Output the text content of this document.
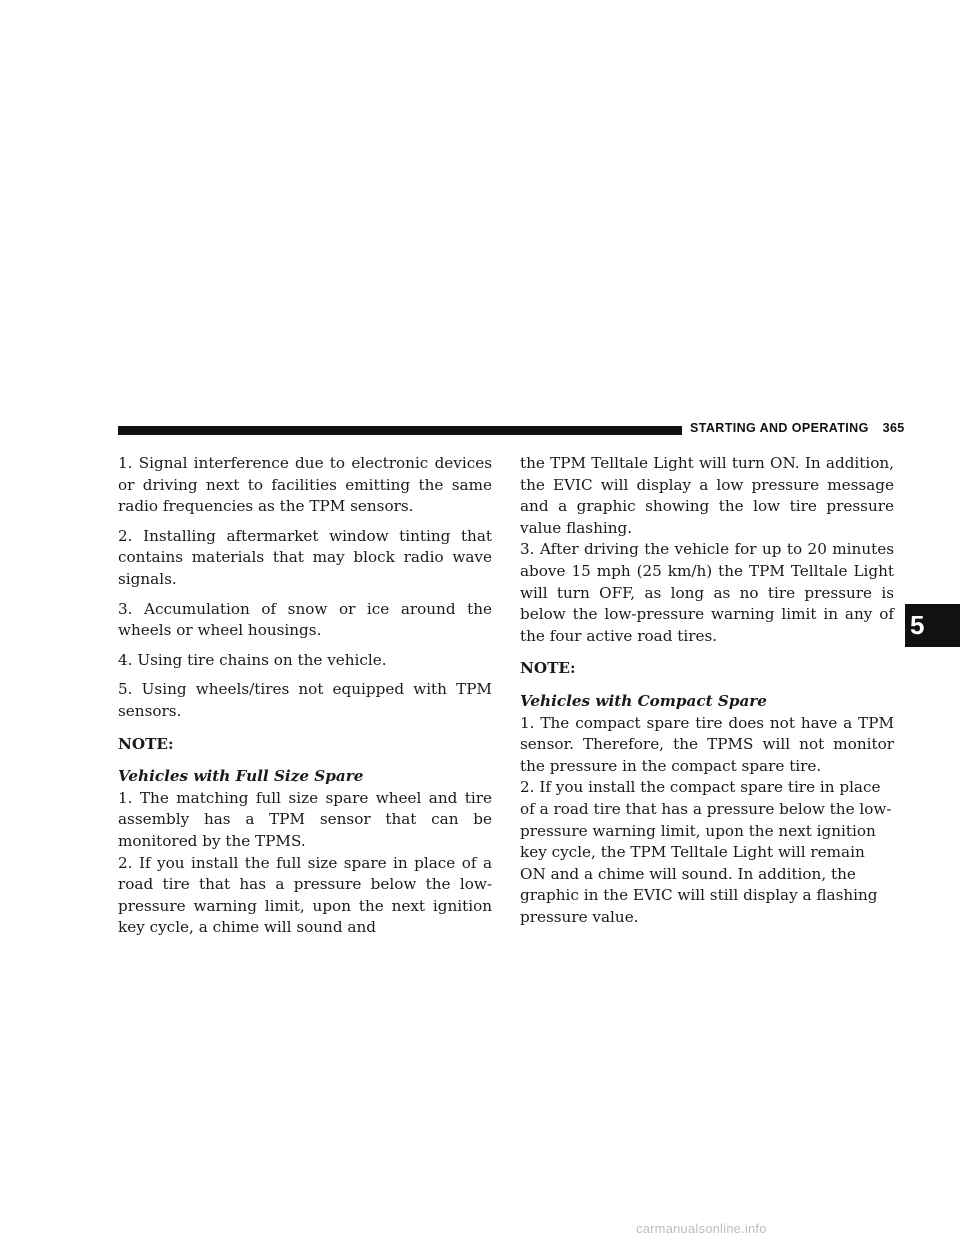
STARTING AND OPERATING 365
5

1. Signal interference due to electronic devices or driving next to facilities emitting the same radio frequencies as the TPM sensors.

2. Installing aftermarket window tinting that contains materials that may block radio wave signals.

3. Accumulation of snow or ice around the wheels or wheel housings.

4. Using tire chains on the vehicle.

5. Using wheels/tires not equipped with TPM sensors.

NOTE:

Vehicles with Full Size Spare

1. The matching full size spare wheel and tire assembly has a TPM sensor that can be monitored by the TPMS.

2. If you install the full size spare in place of a road tire that has a pressure below the low-pressure warning limit, upon the next ignition key cycle, a chime will sound and

the TPM Telltale Light will turn ON. In addition, the EVIC will display a low pressure message and a graphic showing the low tire pressure value flashing.

3. After driving the vehicle for up to 20 minutes above 15 mph (25 km/h) the TPM Telltale Light will turn OFF, as long as no tire pressure is below the low-pressure warning limit in any of the four active road tires.

NOTE:

Vehicles with Compact Spare

1. The compact spare tire does not have a TPM sensor. Therefore, the TPMS will not monitor the pressure in the compact spare tire.

2. If you install the compact spare tire in place of a road tire that has a pressure below the low-pressure warning limit, upon the next ignition key cycle, the TPM Telltale Light will remain ON and a chime will sound. In addition, the graphic in the EVIC will still display a flashing pressure value.

carmanualsonline.info
